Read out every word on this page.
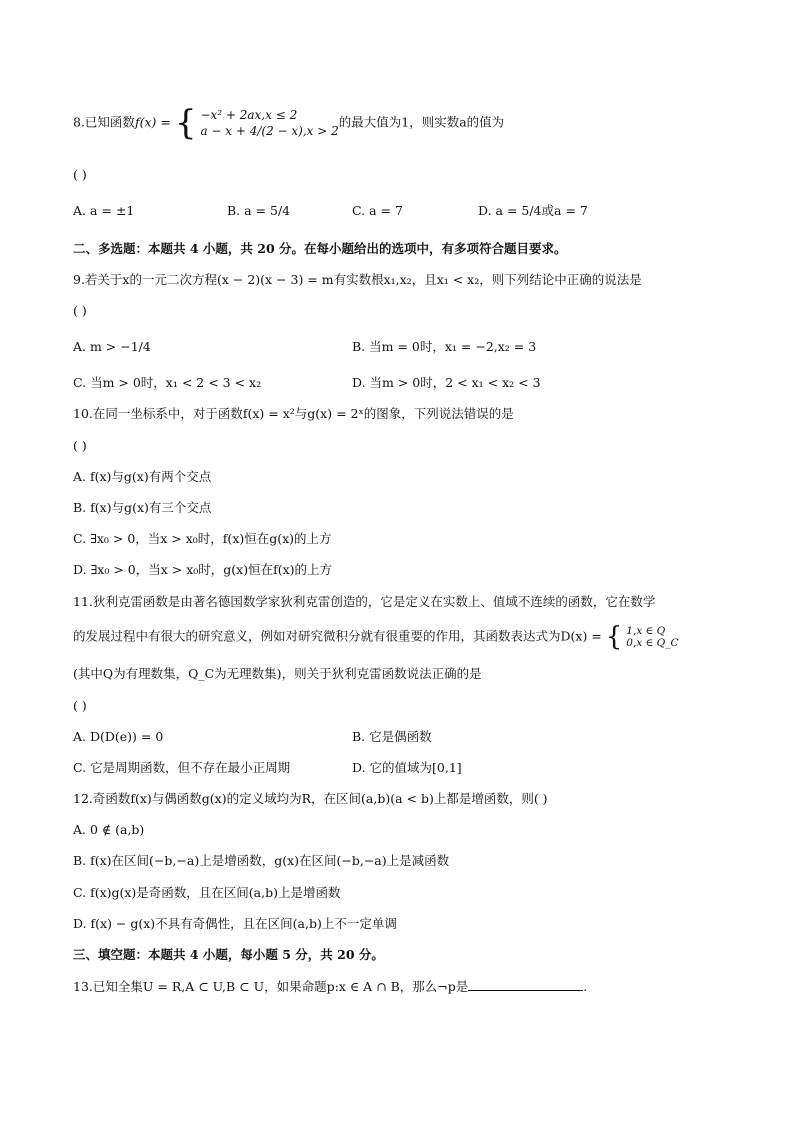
8.已知函数f(x) = { −x² + 2ax,x ≤ 2
a − x + 4/(2 − x),x > 2
的最大值为1，则实数a的值为
( )
A. a = ±1	B. a = 5/4	C. a = 7	D. a = 5/4或a = 7
二、多选题：本题共 4 小题，共 20 分。在每小题给出的选项中，有多项符合题目要求。
9.若关于x的一元二次方程(x − 2)(x − 3) = m有实数根x₁,x₂，且x₁ < x₂，则下列结论中正确的说法是
( )
A. m > −1/4	B. 当m = 0时，x₁ = −2,x₂ = 3
C. 当m > 0时，x₁ < 2 < 3 < x₂	D. 当m > 0时，2 < x₁ < x₂ < 3
10.在同一坐标系中，对于函数f(x) = x²与g(x) = 2ˣ的图象，下列说法错误的是
( )
A. f(x)与g(x)有两个交点
B. f(x)与g(x)有三个交点
C. ∃x₀ > 0，当x > x₀时，f(x)恒在g(x)的上方
D. ∃x₀ > 0，当x > x₀时，g(x)恒在f(x)的上方
11.狄利克雷函数是由著名德国数学家狄利克雷创造的，它是定义在实数上、值域不连续的函数，它在数学
的发展过程中有很大的研究意义，例如对研究微积分就有很重要的作用，其函数表达式为D(x) = { 1,x ∈ Q
0,x ∈ Q_C
(其中Q为有理数集，Q_C为无理数集)，则关于狄利克雷函数说法正确的是
( )
A. D(D(e)) = 0	B. 它是偶函数
C. 它是周期函数，但不存在最小正周期	D. 它的值域为[0,1]
12.奇函数f(x)与偶函数g(x)的定义域均为R，在区间(a,b)(a < b)上都是增函数，则( )
A. 0 ∉ (a,b)
B. f(x)在区间(−b,−a)上是增函数，g(x)在区间(−b,−a)上是减函数
C. f(x)g(x)是奇函数，且在区间(a,b)上是增函数
D. f(x) − g(x)不具有奇偶性，且在区间(a,b)上不一定单调
三、填空题：本题共 4 小题，每小题 5 分，共 20 分。
13.已知全集U = R,A ⊂ U,B ⊂ U，如果命题p:x ∈ A ∩ B，那么¬p是	.
